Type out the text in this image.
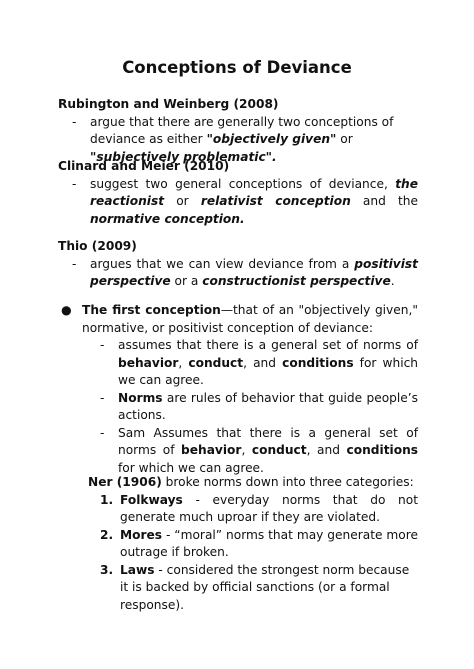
Conceptions of Deviance
Rubington and Weinberg (2008)
- argue that there are generally two conceptions of deviance as either "objectively given" or "subjectively problematic".
Clinard and Meier (2010)
- suggest two general conceptions of deviance, the reactionist or relativist conception and the normative conception.
Thio (2009)
- argues that we can view deviance from a positivist perspective or a constructionist perspective.
● The first conception—that of an "objectively given," normative, or positivist conception of deviance:
- assumes that there is a general set of norms of behavior, conduct, and conditions for which we can agree.
- Norms are rules of behavior that guide people’s actions.
- Sam Assumes that there is a general set of norms of behavior, conduct, and conditions for which we can agree.
Ner (1906) broke norms down into three categories:
1. Folkways - everyday norms that do not generate much uproar if they are violated.
2. Mores - “moral” norms that may generate more outrage if broken.
3. Laws - considered the strongest norm because it is backed by official sanctions (or a formal response).
